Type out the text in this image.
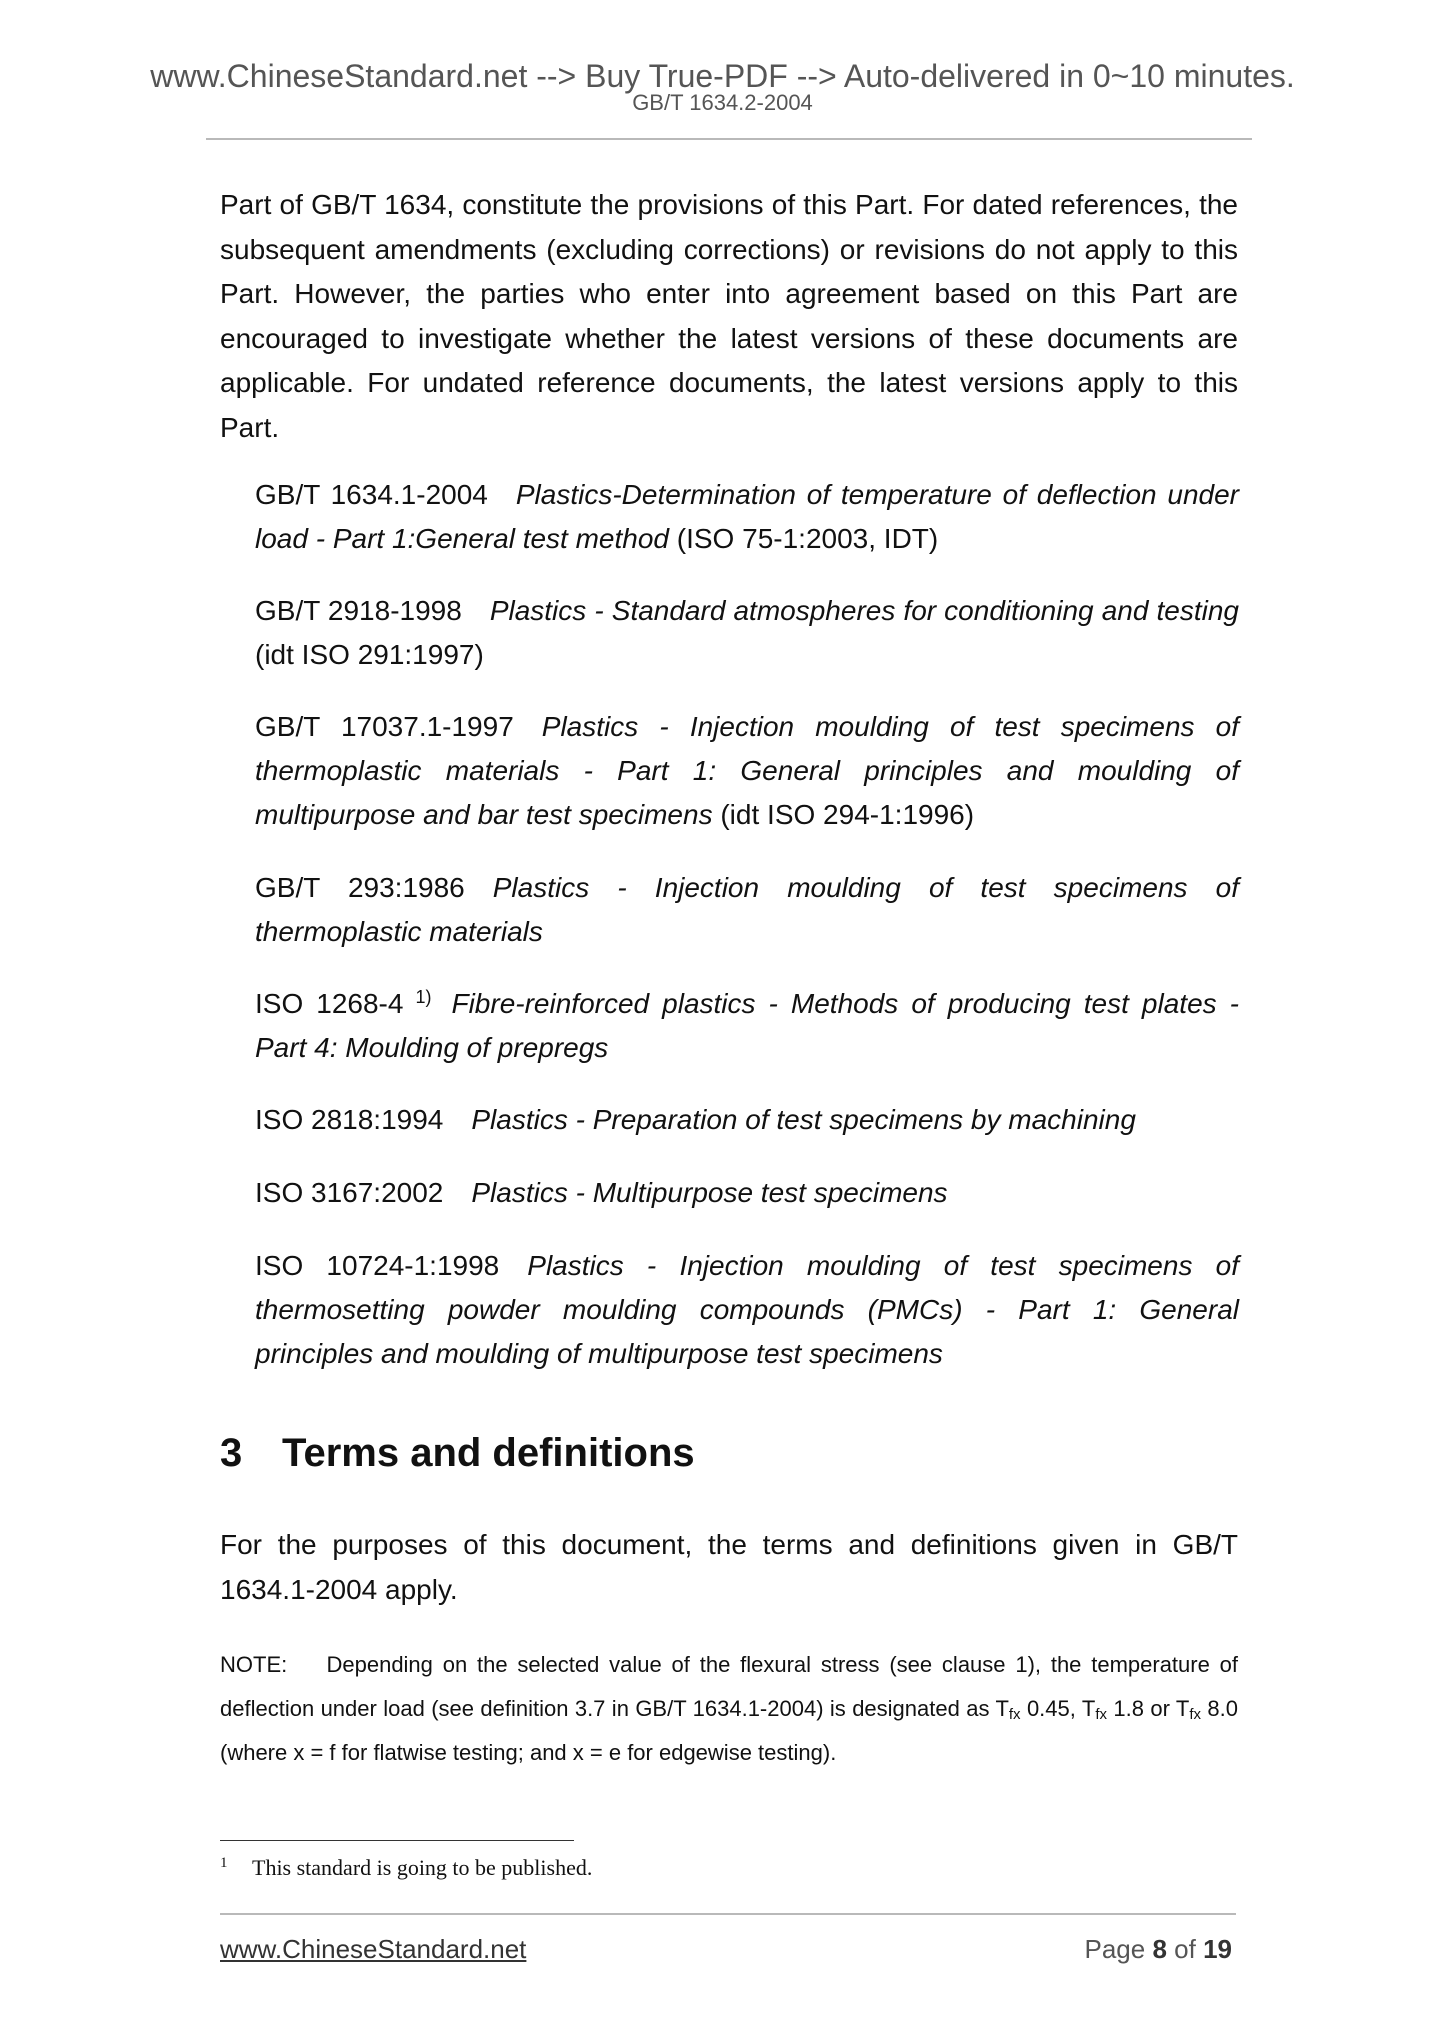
www.ChineseStandard.net --> Buy True-PDF --> Auto-delivered in 0~10 minutes.
GB/T 1634.2-2004
Part of GB/T 1634, constitute the provisions of this Part. For dated references, the subsequent amendments (excluding corrections) or revisions do not apply to this Part. However, the parties who enter into agreement based on this Part are encouraged to investigate whether the latest versions of these documents are applicable. For undated reference documents, the latest versions apply to this Part.
GB/T 1634.1-2004 Plastics-Determination of temperature of deflection under load - Part 1:General test method (ISO 75-1:2003, IDT)
GB/T 2918-1998 Plastics - Standard atmospheres for conditioning and testing (idt ISO 291:1997)
GB/T 17037.1-1997 Plastics - Injection moulding of test specimens of thermoplastic materials - Part 1: General principles and moulding of multipurpose and bar test specimens (idt ISO 294-1:1996)
GB/T 293:1986 Plastics - Injection moulding of test specimens of thermoplastic materials
ISO 1268-4 $^{1)}$ Fibre-reinforced plastics - Methods of producing test plates - Part 4: Moulding of prepregs
ISO 2818:1994 Plastics - Preparation of test specimens by machining
ISO 3167:2002 Plastics - Multipurpose test specimens
ISO 10724-1:1998 Plastics - Injection moulding of test specimens of thermosetting powder moulding compounds (PMCs) - Part 1: General principles and moulding of multipurpose test specimens
3 Terms and definitions
For the purposes of this document, the terms and definitions given in GB/T 1634.1-2004 apply.
NOTE: Depending on the selected value of the flexural stress (see clause 1), the temperature of deflection under load (see definition 3.7 in GB/T 1634.1-2004) is designated as $T_{fx}$ 0.45, $T_{fx}$ 1.8 or $T_{fx}$ 8.0 (where x = f for flatwise testing; and x = e for edgewise testing).
1 This standard is going to be published.
www.ChineseStandard.net	Page 8 of 19
